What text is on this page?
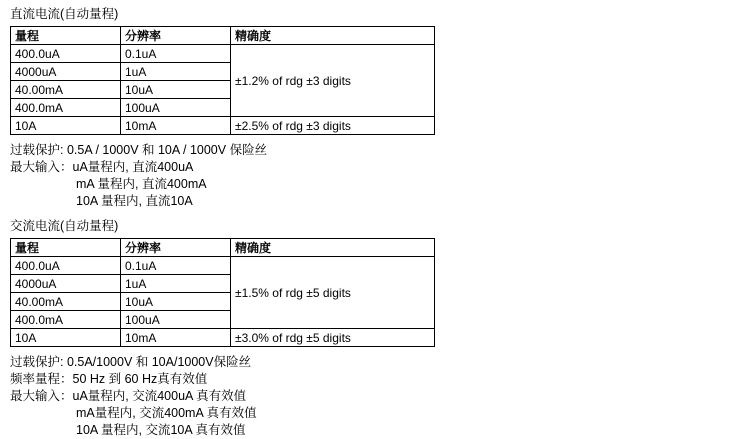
直流电流(自动量程)
量程	分辨率	精确度
400.0uA	0.1uA	±1.2% of rdg ±3 digits
4000uA	1uA	
40.00mA	10uA	
400.0mA	100uA	
10A	10mA	±2.5% of rdg ±3 digits
过载保护: 0.5A / 1000V 和 10A / 1000V 保险丝
最大输入：uA量程内, 直流400uA
mA 量程内, 直流400mA
10A 量程内, 直流10A
交流电流(自动量程)
量程	分辨率	精确度
400.0uA	0.1uA	±1.5% of rdg ±5 digits
4000uA	1uA	
40.00mA	10uA	
400.0mA	100uA	
10A	10mA	±3.0% of rdg ±5 digits
过载保护: 0.5A/1000V 和 10A/1000V保险丝
频率量程：50 Hz 到 60 Hz真有效值
最大输入：uA量程内, 交流400uA 真有效值
mA量程内, 交流400mA 真有效值
10A 量程内, 交流10A 真有效值
